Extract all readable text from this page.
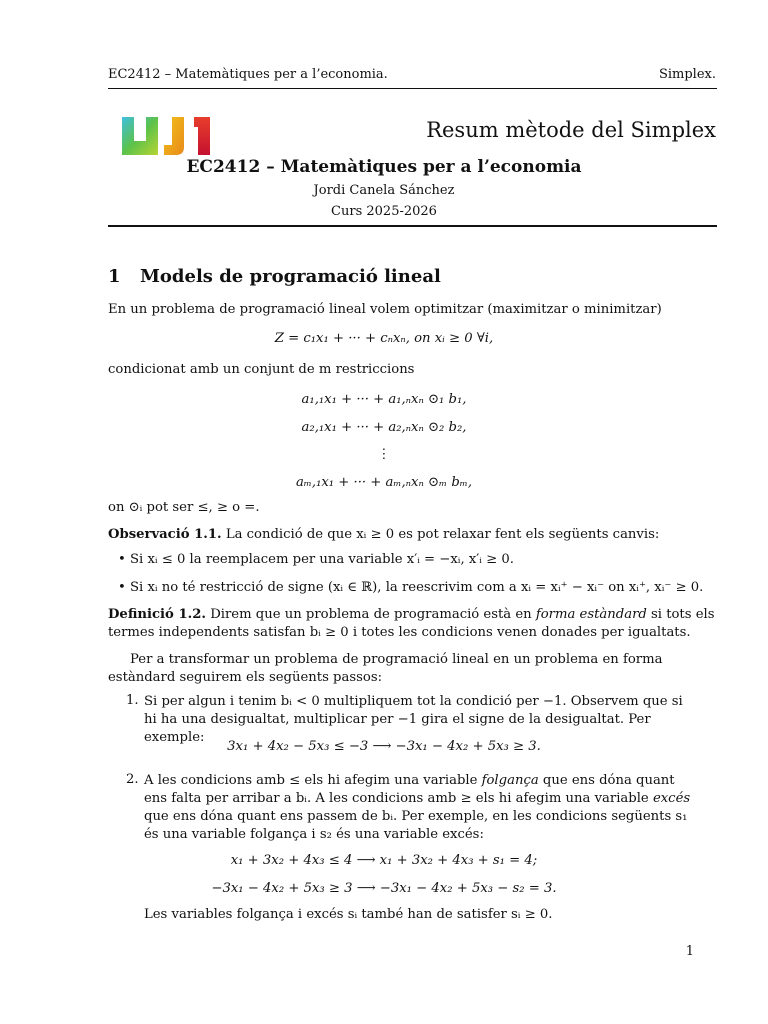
EC2412 – Matemàtiques per a l’economia.	Simplex.
Resum mètode del Simplex
EC2412 – Matemàtiques per a l’economia
Jordi Canela Sánchez
Curs 2025-2026
1 Models de programació lineal
En un problema de programació lineal volem optimitzar (maximitzar o minimitzar)
Z = c₁x₁ + ··· + cₙxₙ, on xᵢ ≥ 0 ∀i,
condicionat amb un conjunt de m restriccions
a₁,₁x₁ + ··· + a₁,ₙxₙ ⊙₁ b₁,
a₂,₁x₁ + ··· + a₂,ₙxₙ ⊙₂ b₂,
⋮
aₘ,₁x₁ + ··· + aₘ,ₙxₙ ⊙ₘ bₘ,
on ⊙ᵢ pot ser ≤, ≥ o =.
Observació 1.1. La condició de que xᵢ ≥ 0 es pot relaxar fent els següents canvis:
• Si xᵢ ≤ 0 la reemplacem per una variable x′ᵢ = −xᵢ, x′ᵢ ≥ 0.
• Si xᵢ no té restricció de signe (xᵢ ∈ ℝ), la reescrivim com a xᵢ = xᵢ⁺ − xᵢ⁻ on xᵢ⁺, xᵢ⁻ ≥ 0.
Definició 1.2. Direm que un problema de programació està en forma estàndard si tots els termes independents satisfan bᵢ ≥ 0 i totes les condicions venen donades per igualtats.
Per a transformar un problema de programació lineal en un problema en forma estàndard seguirem els següents passos:
1. Si per algun i tenim bᵢ < 0 multipliquem tot la condició per −1. Observem que si hi ha una desigualtat, multiplicar per −1 gira el signe de la desigualtat. Per exemple:
3x₁ + 4x₂ − 5x₃ ≤ −3 ⟶ −3x₁ − 4x₂ + 5x₃ ≥ 3.
2. A les condicions amb ≤ els hi afegim una variable folgança que ens dóna quant ens falta per arribar a bᵢ. A les condicions amb ≥ els hi afegim una variable excés que ens dóna quant ens passem de bᵢ. Per exemple, en les condicions següents s₁ és una variable folgança i s₂ és una variable excés:
x₁ + 3x₂ + 4x₃ ≤ 4 ⟶ x₁ + 3x₂ + 4x₃ + s₁ = 4;
−3x₁ − 4x₂ + 5x₃ ≥ 3 ⟶ −3x₁ − 4x₂ + 5x₃ − s₂ = 3.
Les variables folgança i excés sᵢ també han de satisfer sᵢ ≥ 0.
1
